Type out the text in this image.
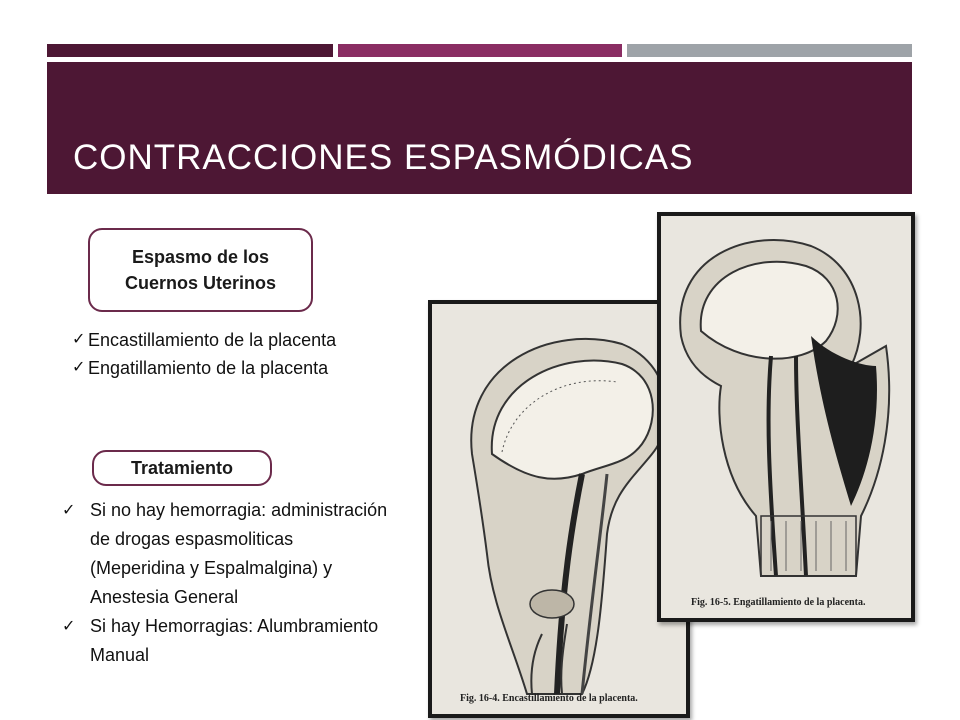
CONTRACCIONES ESPASMÓDICAS
Espasmo de los Cuernos Uterinos
✓ Encastillamiento de la placenta
✓ Engatillamiento de la placenta
Tratamiento
✓ Si no hay hemorragia: administración de drogas espasmoliticas (Meperidina y Espalmalgina) y Anestesia General
✓ Si hay Hemorragias: Alumbramiento Manual
Fig. 16-4. Encastillamiento de la placenta.
Fig. 16-5. Engatillamiento de la placenta.
